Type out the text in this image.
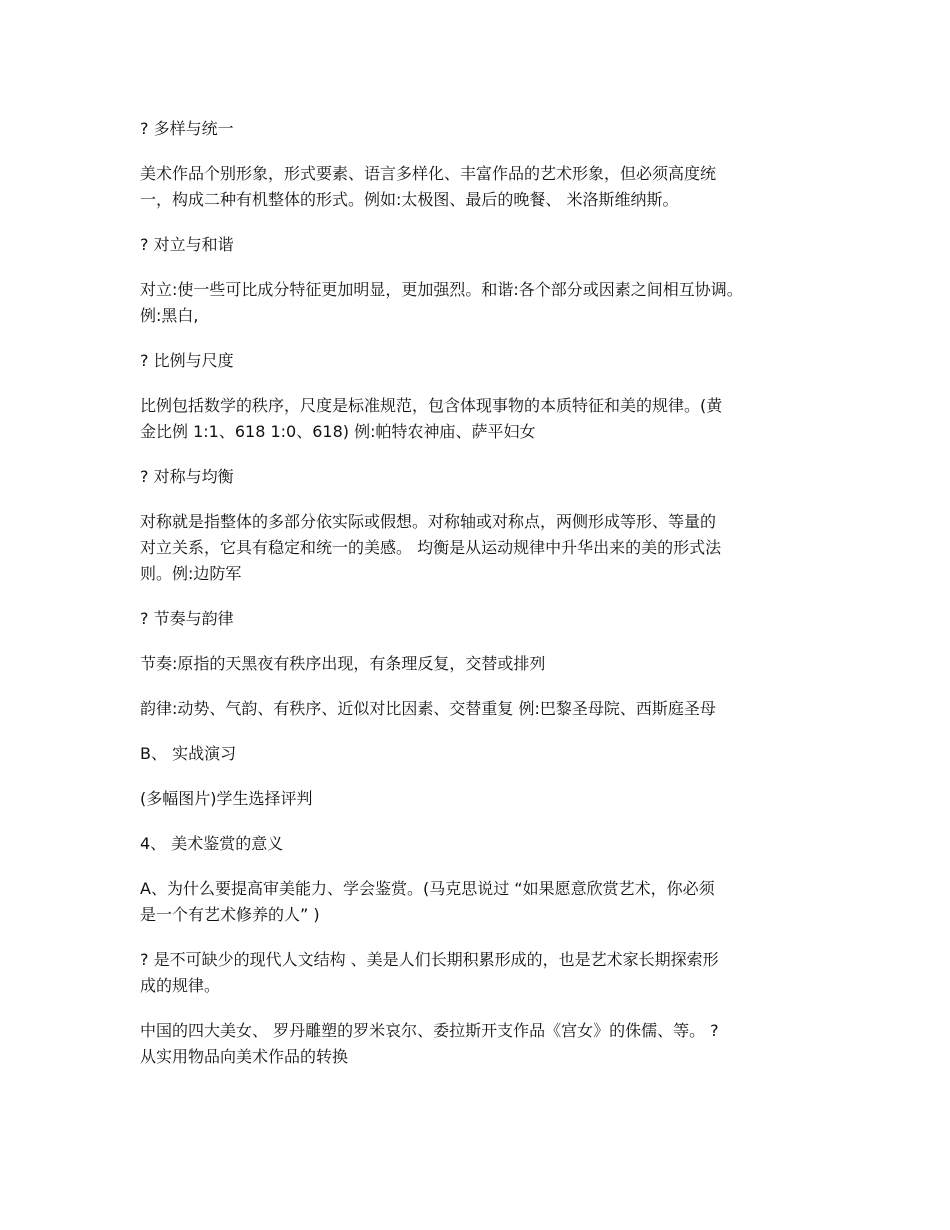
? 多样与统一

美术作品个别形象，形式要素、语言多样化、丰富作品的艺术形象，但必须高度统
一，构成二种有机整体的形式。例如:太极图、最后的晚餐、 米洛斯维纳斯。

? 对立与和谐

对立:使一些可比成分特征更加明显，更加强烈。和谐:各个部分或因素之间相互协调。
例:黑白,

? 比例与尺度

比例包括数学的秩序，尺度是标准规范，包含体现事物的本质特征和美的规律。(黄
金比例 1:1、618 1:0、618) 例:帕特农神庙、萨平妇女

? 对称与均衡

对称就是指整体的多部分依实际或假想。对称轴或对称点，两侧形成等形、等量的
对立关系，它具有稳定和统一的美感。 均衡是从运动规律中升华出来的美的形式法
则。例:边防军

? 节奏与韵律

节奏:原指的天黑夜有秩序出现，有条理反复，交替或排列

韵律:动势、气韵、有秩序、近似对比因素、交替重复 例:巴黎圣母院、西斯庭圣母

B、 实战演习

(多幅图片)学生选择评判

4、 美术鉴赏的意义

A、为什么要提高审美能力、学会鉴赏。(马克思说过 “如果愿意欣赏艺术，你必须
是一个有艺术修养的人” )

? 是不可缺少的现代人文结构 、美是人们长期积累形成的，也是艺术家长期探索形
成的规律。

中国的四大美女、 罗丹雕塑的罗米哀尔、委拉斯开支作品《宫女》的侏儒、等。 ?
从实用物品向美术作品的转换
